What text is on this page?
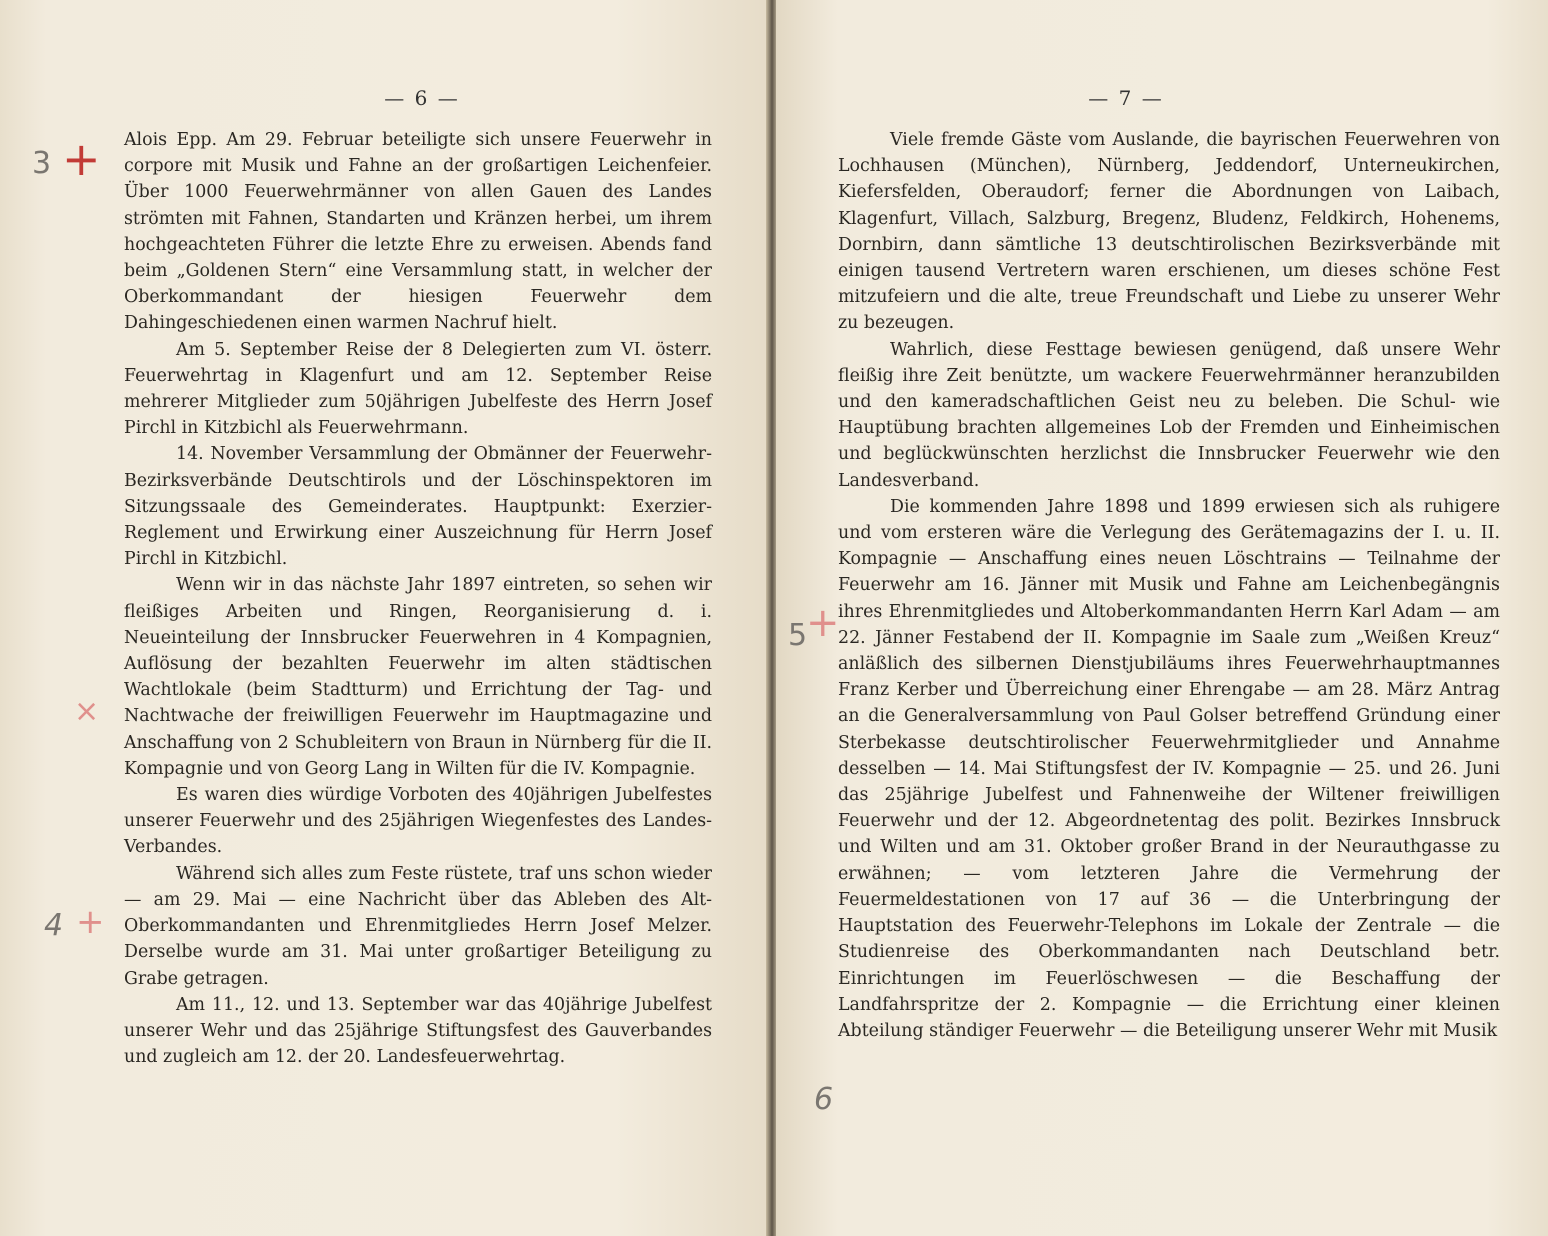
— 6 —

Alois Epp. Am 29. Februar beteiligte sich unsere Feuerwehr in corpore mit Musik und Fahne an der großartigen Leichenfeier. Über 1000 Feuerwehrmänner von allen Gauen des Landes strömten mit Fahnen, Standarten und Kränzen herbei, um ihrem hochgeachteten Führer die letzte Ehre zu erweisen. Abends fand beim „Goldenen Stern“ eine Versammlung statt, in welcher der Oberkommandant der hiesigen Feuerwehr dem Dahingeschiedenen einen warmen Nachruf hielt.

Am 5. September Reise der 8 Delegierten zum VI. österr. Feuerwehrtag in Klagenfurt und am 12. September Reise mehrerer Mitglieder zum 50jährigen Jubelfeste des Herrn Josef Pirchl in Kitzbichl als Feuerwehrmann.

14. November Versammlung der Obmänner der Feuerwehr-Bezirksverbände Deutschtirols und der Löschinspektoren im Sitzungssaale des Gemeinderates. Hauptpunkt: Exerzier-Reglement und Erwirkung einer Auszeichnung für Herrn Josef Pirchl in Kitzbichl.

Wenn wir in das nächste Jahr 1897 eintreten, so sehen wir fleißiges Arbeiten und Ringen, Reorganisierung d. i. Neueinteilung der Innsbrucker Feuerwehren in 4 Kompagnien, Auflösung der bezahlten Feuerwehr im alten städtischen Wachtlokale (beim Stadtturm) und Errichtung der Tag- und Nachtwache der freiwilligen Feuerwehr im Hauptmagazine und Anschaffung von 2 Schubleitern von Braun in Nürnberg für die II. Kompagnie und von Georg Lang in Wilten für die IV. Kompagnie.

Es waren dies würdige Vorboten des 40jährigen Jubelfestes unserer Feuerwehr und des 25jährigen Wiegenfestes des Landes-Verbandes.

Während sich alles zum Feste rüstete, traf uns schon wieder — am 29. Mai — eine Nachricht über das Ableben des Alt-Oberkommandanten und Ehrenmitgliedes Herrn Josef Melzer. Derselbe wurde am 31. Mai unter großartiger Beteiligung zu Grabe getragen.

Am 11., 12. und 13. September war das 40jährige Jubelfest unserer Wehr und das 25jährige Stiftungsfest des Gauverbandes und zugleich am 12. der 20. Landesfeuerwehrtag.

3 +
×
4 +
— 7 —

Viele fremde Gäste vom Auslande, die bayrischen Feuerwehren von Lochhausen (München), Nürnberg, Jeddendorf, Unterneukirchen, Kiefersfelden, Oberaudorf; ferner die Abordnungen von Laibach, Klagenfurt, Villach, Salzburg, Bregenz, Bludenz, Feldkirch, Hohenems, Dornbirn, dann sämtliche 13 deutschtirolischen Bezirksverbände mit einigen tausend Vertretern waren erschienen, um dieses schöne Fest mitzufeiern und die alte, treue Freundschaft und Liebe zu unserer Wehr zu bezeugen.

Wahrlich, diese Festtage bewiesen genügend, daß unsere Wehr fleißig ihre Zeit benützte, um wackere Feuerwehrmänner heranzubilden und den kameradschaftlichen Geist neu zu beleben. Die Schul- wie Hauptübung brachten allgemeines Lob der Fremden und Einheimischen und beglückwünschten herzlichst die Innsbrucker Feuerwehr wie den Landesverband.

Die kommenden Jahre 1898 und 1899 erwiesen sich als ruhigere und vom ersteren wäre die Verlegung des Gerätemagazins der I. u. II. Kompagnie — Anschaffung eines neuen Löschtrains — Teilnahme der Feuerwehr am 16. Jänner mit Musik und Fahne am Leichenbegängnis ihres Ehrenmitgliedes und Altoberkommandanten Herrn Karl Adam — am 22. Jänner Festabend der II. Kompagnie im Saale zum „Weißen Kreuz“ anläßlich des silbernen Dienstjubiläums ihres Feuerwehrhauptmannes Franz Kerber und Überreichung einer Ehrengabe — am 28. März Antrag an die Generalversammlung von Paul Golser betreffend Gründung einer Sterbekasse deutschtirolischer Feuerwehrmitglieder und Annahme desselben — 14. Mai Stiftungsfest der IV. Kompagnie — 25. und 26. Juni das 25jährige Jubelfest und Fahnenweihe der Wiltener freiwilligen Feuerwehr und der 12. Abgeordnetentag des polit. Bezirkes Innsbruck und Wilten und am 31. Oktober großer Brand in der Neurauthgasse zu erwähnen; — vom letzteren Jahre die Vermehrung der Feuermeldestationen von 17 auf 36 — die Unterbringung der Hauptstation des Feuerwehr-Telephons im Lokale der Zentrale — die Studienreise des Oberkommandanten nach Deutschland betr. Einrichtungen im Feuerlöschwesen — die Beschaffung der Landfahrspritze der 2. Kompagnie — die Errichtung einer kleinen Abteilung ständiger Feuerwehr — die Beteiligung unserer Wehr mit Musik

5
+
6
